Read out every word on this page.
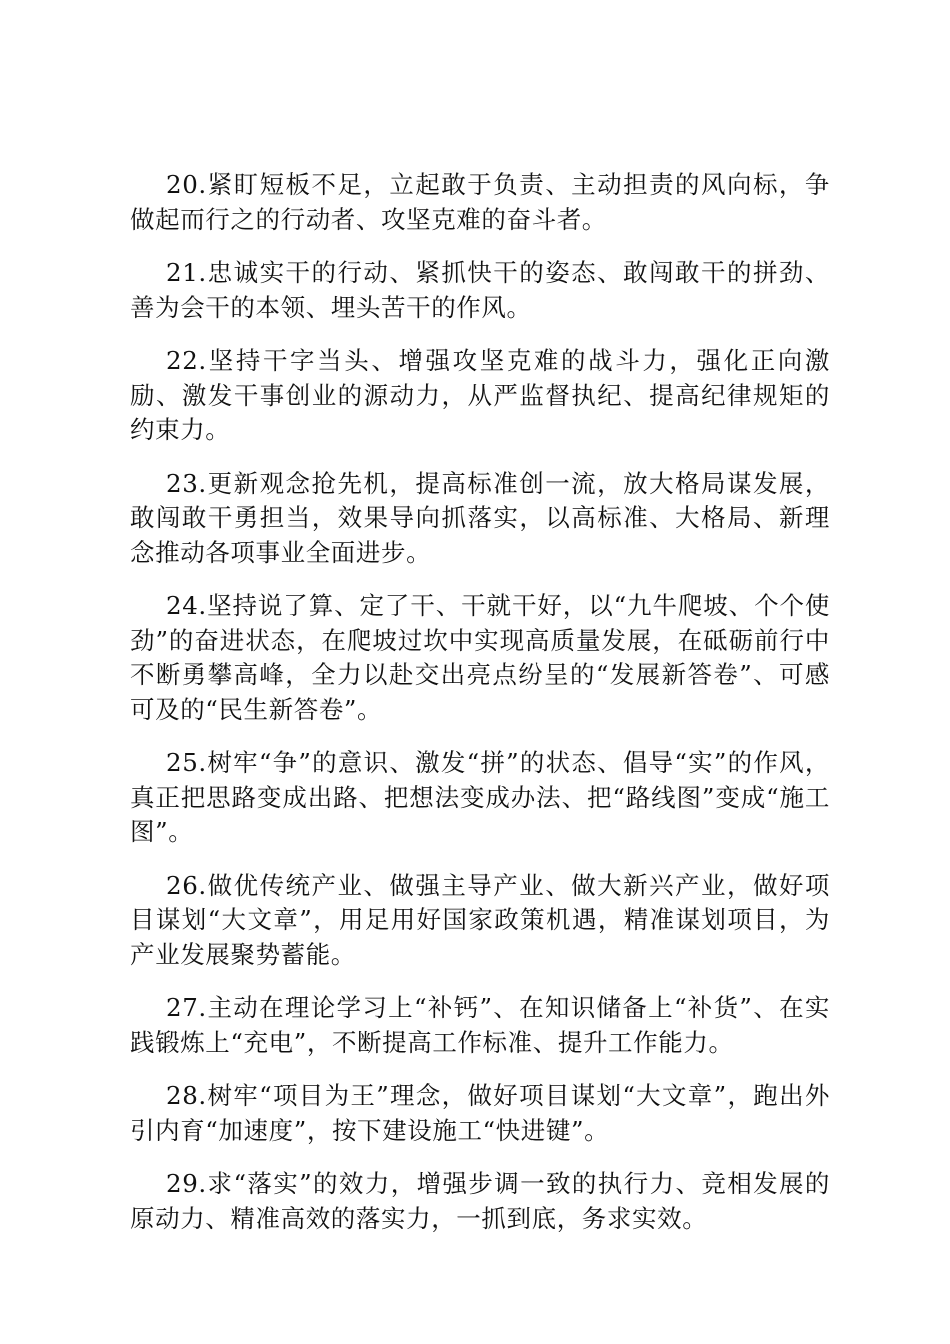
20.紧盯短板不足，立起敢于负责、主动担责的风向标，争做起而行之的行动者、攻坚克难的奋斗者。

21.忠诚实干的行动、紧抓快干的姿态、敢闯敢干的拼劲、善为会干的本领、埋头苦干的作风。

22.坚持干字当头、增强攻坚克难的战斗力，强化正向激励、激发干事创业的源动力，从严监督执纪、提高纪律规矩的约束力。

23.更新观念抢先机，提高标准创一流，放大格局谋发展，敢闯敢干勇担当，效果导向抓落实，以高标准、大格局、新理念推动各项事业全面进步。

24.坚持说了算、定了干、干就干好，以“九牛爬坡、个个使劲”的奋进状态，在爬坡过坎中实现高质量发展，在砥砺前行中不断勇攀高峰，全力以赴交出亮点纷呈的“发展新答卷”、可感可及的“民生新答卷”。

25.树牢“争”的意识、激发“拼”的状态、倡导“实”的作风，真正把思路变成出路、把想法变成办法、把“路线图”变成“施工图”。

26.做优传统产业、做强主导产业、做大新兴产业，做好项目谋划“大文章”，用足用好国家政策机遇，精准谋划项目，为产业发展聚势蓄能。

27.主动在理论学习上“补钙”、在知识储备上“补货”、在实践锻炼上“充电”，不断提高工作标准、提升工作能力。

28.树牢“项目为王”理念，做好项目谋划“大文章”，跑出外引内育“加速度”，按下建设施工“快进键”。

29.求“落实”的效力，增强步调一致的执行力、竞相发展的原动力、精准高效的落实力，一抓到底，务求实效。
